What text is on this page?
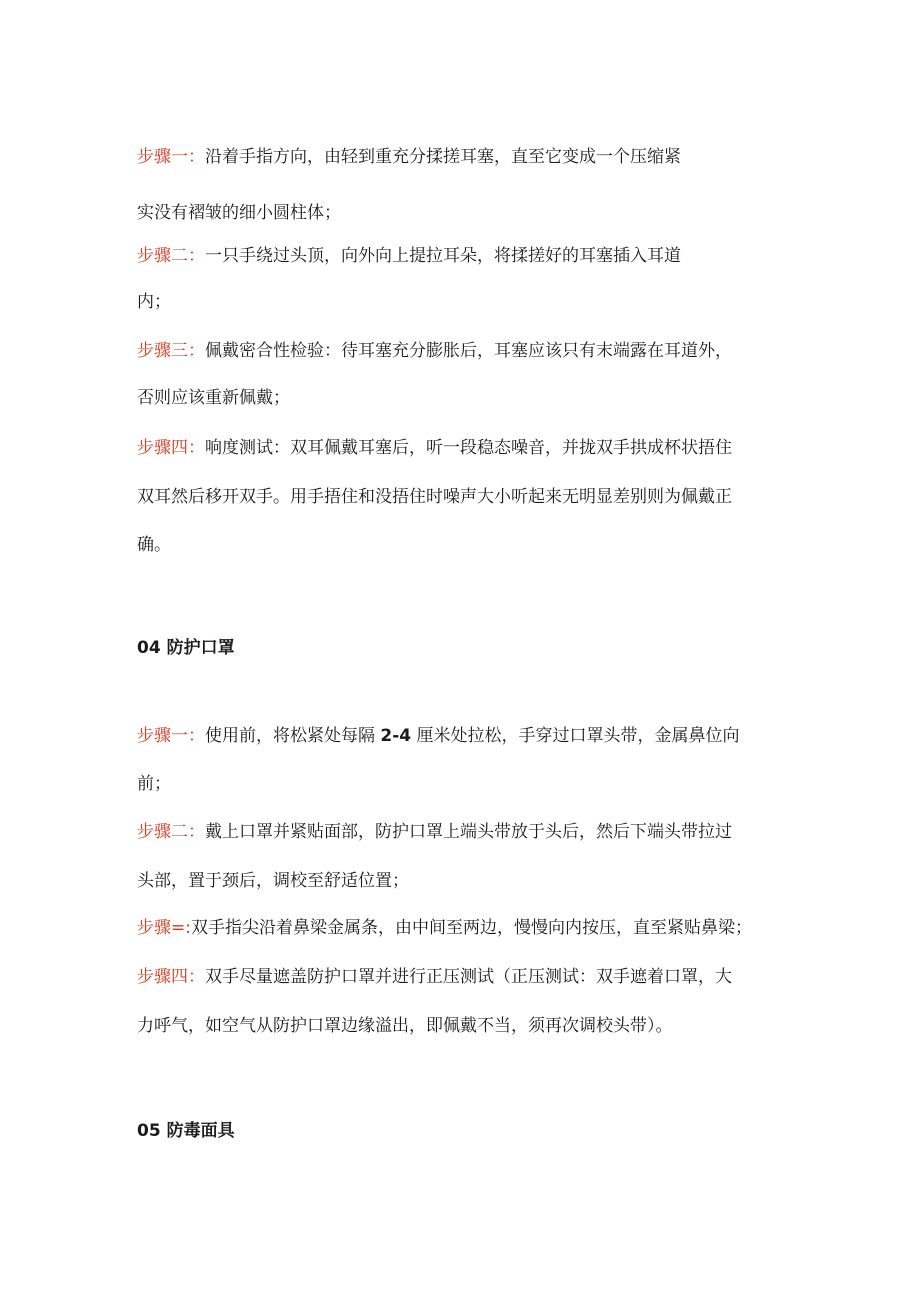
步骤一：沿着手指方向，由轻到重充分揉搓耳塞，直至它变成一个压缩紧
实没有褶皱的细小圆柱体；
步骤二：一只手绕过头顶，向外向上提拉耳朵，将揉搓好的耳塞插入耳道
内；
步骤三：佩戴密合性检验：待耳塞充分膨胀后，耳塞应该只有末端露在耳道外，
否则应该重新佩戴；
步骤四：响度测试：双耳佩戴耳塞后，听一段稳态噪音，并拢双手拱成杯状捂住
双耳然后移开双手。用手捂住和没捂住时噪声大小听起来无明显差别则为佩戴正
确。
04 防护口罩
步骤一：使用前，将松紧处每隔 2-4 厘米处拉松，手穿过口罩头带，金属鼻位向
前；
步骤二：戴上口罩并紧贴面部，防护口罩上端头带放于头后，然后下端头带拉过
头部，置于颈后，调校至舒适位置；
步骤=:双手指尖沿着鼻梁金属条，由中间至两边，慢慢向内按压，直至紧贴鼻梁；
步骤四：双手尽量遮盖防护口罩并进行正压测试（正压测试：双手遮着口罩，大
力呼气，如空气从防护口罩边缘溢出，即佩戴不当，须再次调校头带）。
05 防毒面具
